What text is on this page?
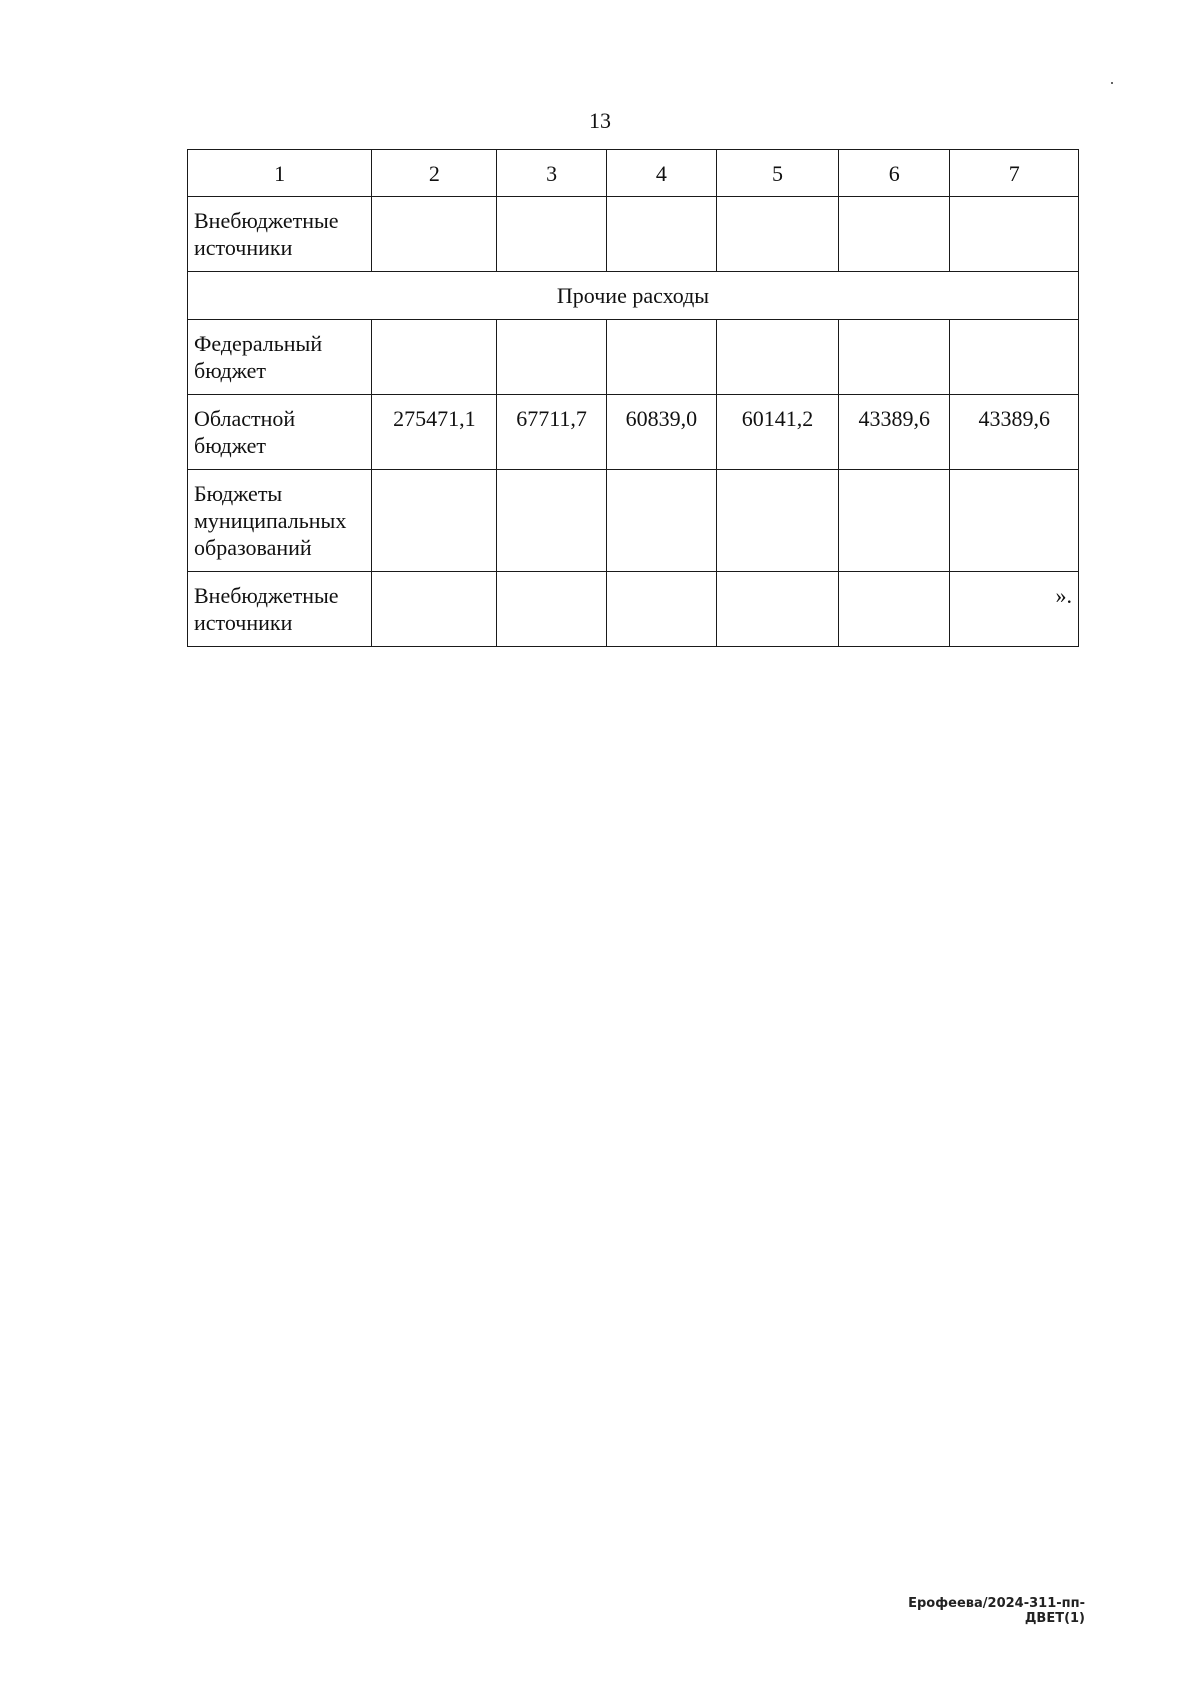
13
1	2	3	4	5	6	7
Внебюджетные источники						
Прочие расходы						
Федеральный бюджет						
Областной бюджет	275471,1	67711,7	60839,0	60141,2	43389,6	43389,6
Бюджеты муниципальных образований						
Внебюджетные источники						».
Ерофеева/2024-311-пп-ДВЕТ(1)
